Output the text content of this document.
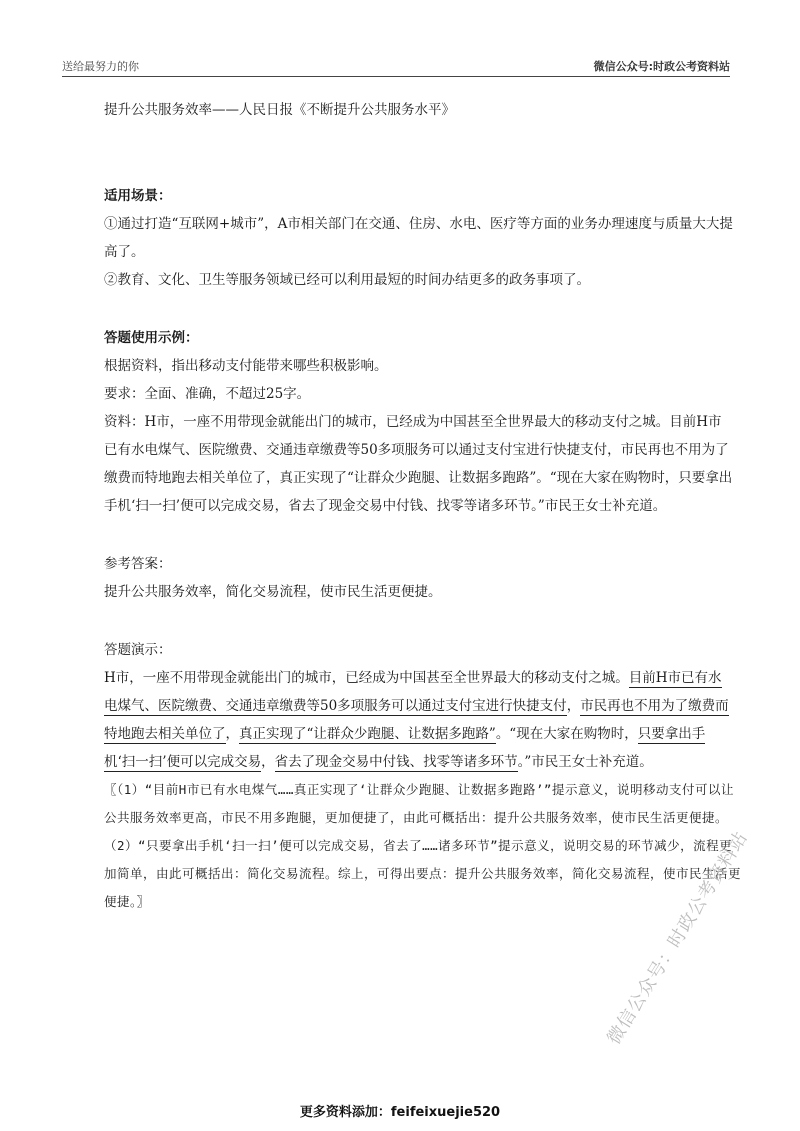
送给最努力的你	微信公众号:时政公考资料站

提升公共服务效率——人民日报《不断提升公共服务水平》

适用场景：

①通过打造“互联网+城市”，A市相关部门在交通、住房、水电、医疗等方面的业务办理速度与质量大大提高了。

②教育、文化、卫生等服务领域已经可以利用最短的时间办结更多的政务事项了。

答题使用示例：

根据资料，指出移动支付能带来哪些积极影响。

要求：全面、准确，不超过25字。

资料：H市，一座不用带现金就能出门的城市，已经成为中国甚至全世界最大的移动支付之城。目前H市已有水电煤气、医院缴费、交通违章缴费等50多项服务可以通过支付宝进行快捷支付，市民再也不用为了缴费而特地跑去相关单位了，真正实现了“让群众少跑腿、让数据多跑路”。“现在大家在购物时，只要拿出手机‘扫一扫’便可以完成交易，省去了现金交易中付钱、找零等诸多环节。”市民王女士补充道。

参考答案：

提升公共服务效率，简化交易流程，使市民生活更便捷。

答题演示：

H市，一座不用带现金就能出门的城市，已经成为中国甚至全世界最大的移动支付之城。目前H市已有水电煤气、医院缴费、交通违章缴费等50多项服务可以通过支付宝进行快捷支付，市民再也不用为了缴费而特地跑去相关单位了，真正实现了“让群众少跑腿、让数据多跑路”。“现在大家在购物时，只要拿出手机‘扫一扫’便可以完成交易，省去了现金交易中付钱、找零等诸多环节。”市民王女士补充道。

〖（1）“目前H市已有水电煤气……真正实现了‘让群众少跑腿、让数据多跑路’”提示意义，说明移动支付可以让公共服务效率更高，市民不用多跑腿，更加便捷了，由此可概括出：提升公共服务效率，使市民生活更便捷。（2）“只要拿出手机‘扫一扫’便可以完成交易，省去了……诸多环节”提示意义，说明交易的环节减少，流程更加简单，由此可概括出：简化交易流程。综上，可得出要点：提升公共服务效率，简化交易流程，使市民生活更便捷。〗	微信公众号：时政公考资料站
更多资料添加：feifeixuejie520
